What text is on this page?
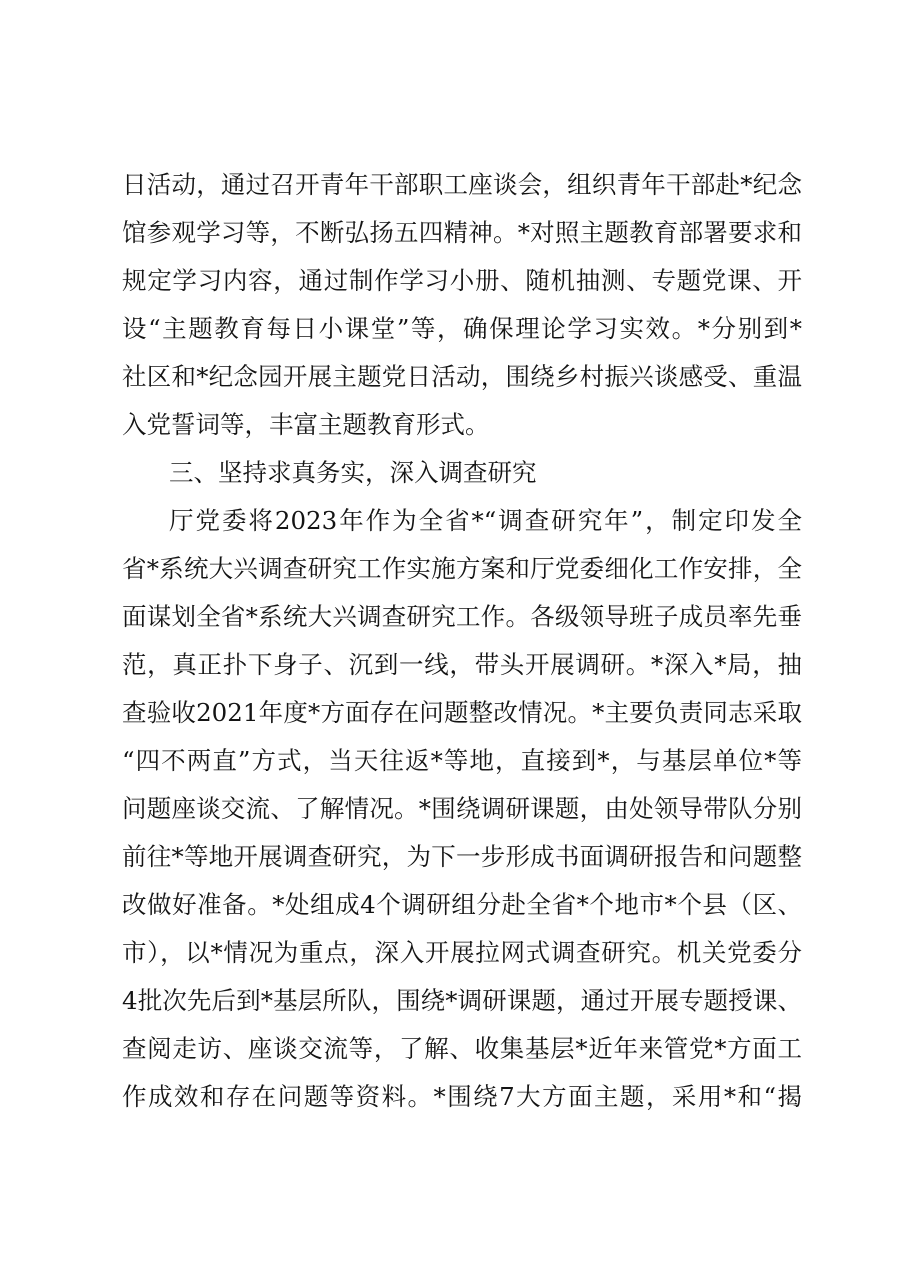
日活动，通过召开青年干部职工座谈会，组织青年干部赴*纪念
馆参观学习等，不断弘扬五四精神。*对照主题教育部署要求和
规定学习内容，通过制作学习小册、随机抽测、专题党课、开
设“主题教育每日小课堂”等，确保理论学习实效。*分别到*
社区和*纪念园开展主题党日活动，围绕乡村振兴谈感受、重温
入党誓词等，丰富主题教育形式。
三、坚持求真务实，深入调查研究
厅党委将2023年作为全省*“调查研究年”，制定印发全
省*系统大兴调查研究工作实施方案和厅党委细化工作安排，全
面谋划全省*系统大兴调查研究工作。各级领导班子成员率先垂
范，真正扑下身子、沉到一线，带头开展调研。*深入*局，抽
查验收2021年度*方面存在问题整改情况。*主要负责同志采取
“四不两直”方式，当天往返*等地，直接到*，与基层单位*等
问题座谈交流、了解情况。*围绕调研课题，由处领导带队分别
前往*等地开展调查研究，为下一步形成书面调研报告和问题整
改做好准备。*处组成4个调研组分赴全省*个地市*个县（区、
市），以*情况为重点，深入开展拉网式调查研究。机关党委分
4批次先后到*基层所队，围绕*调研课题，通过开展专题授课、
查阅走访、座谈交流等，了解、收集基层*近年来管党*方面工
作成效和存在问题等资料。*围绕7大方面主题，采用*和“揭
